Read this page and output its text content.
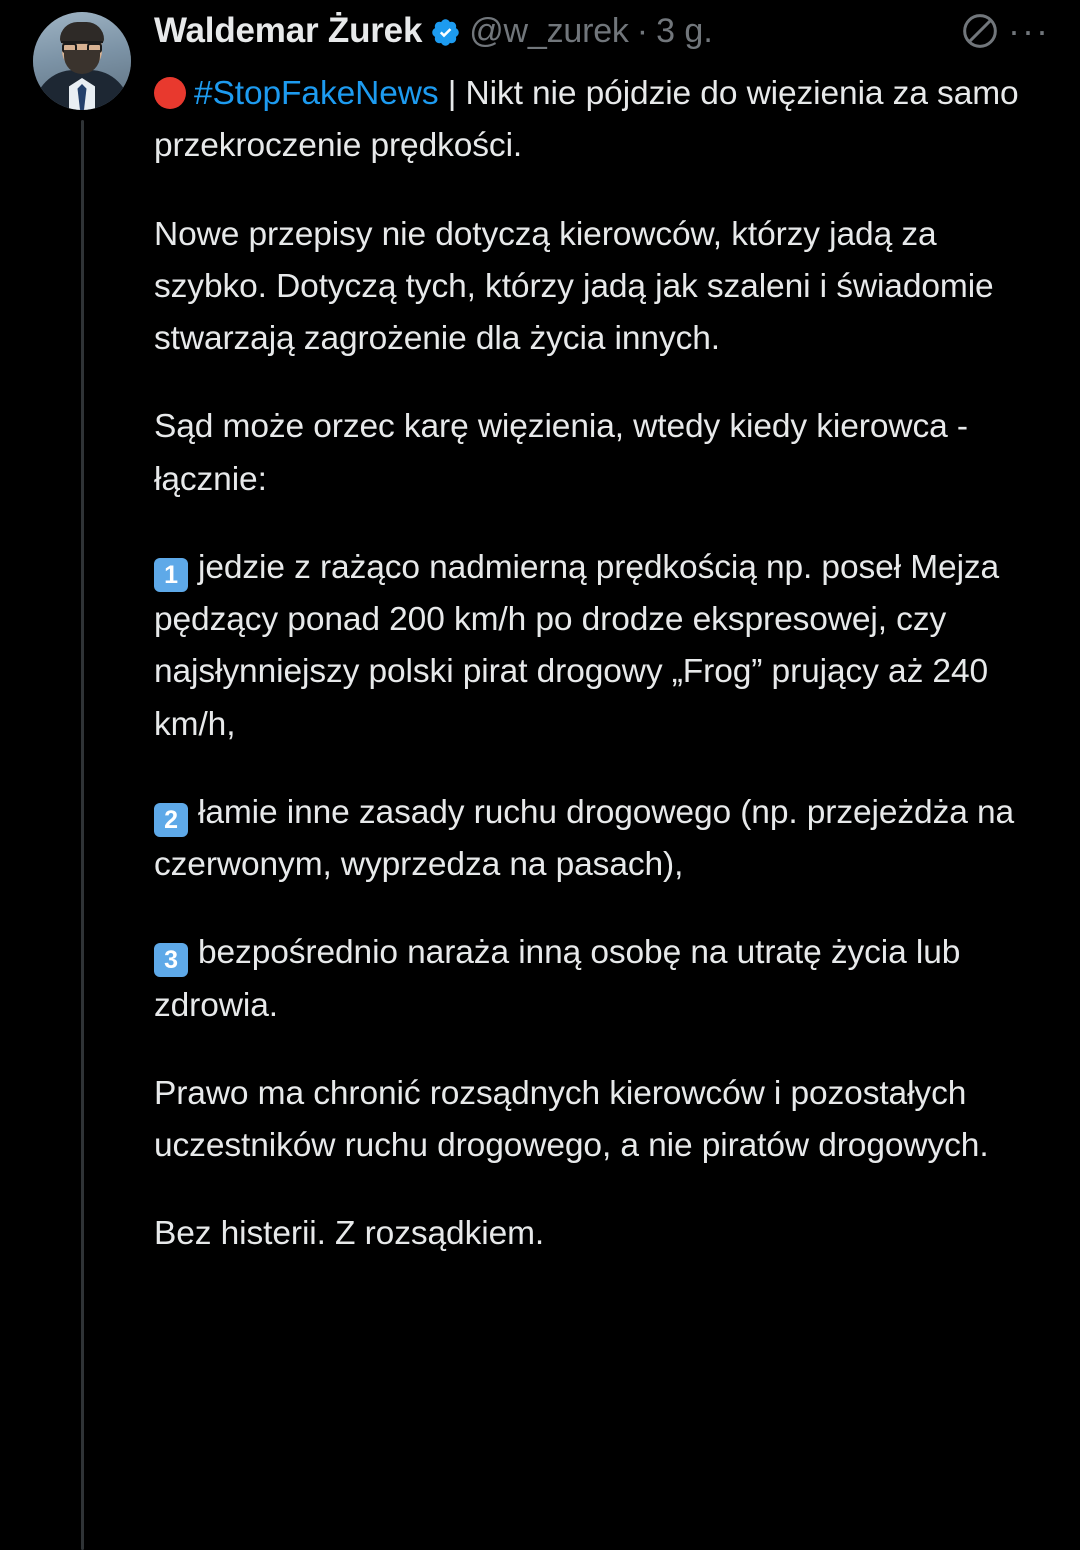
Waldemar Żurek @w_zurek · 3 g.	···

#StopFakeNews | Nikt nie pójdzie do więzienia za samo przekroczenie prędkości.

Nowe przepisy nie dotyczą kierowców, którzy jadą za szybko. Dotyczą tych, którzy jadą jak szaleni i świadomie stwarzają zagrożenie dla życia innych.

Sąd może orzec karę więzienia, wtedy kiedy kierowca - łącznie:

1 jedzie z rażąco nadmierną prędkością np. poseł Mejza pędzący ponad 200 km/h po drodze ekspresowej, czy najsłynniejszy polski pirat drogowy „Frog” prujący aż 240 km/h,

2 łamie inne zasady ruchu drogowego (np. przejeżdża na czerwonym, wyprzedza na pasach),

3 bezpośrednio naraża inną osobę na utratę życia lub zdrowia.

Prawo ma chronić rozsądnych kierowców i pozostałych uczestników ruchu drogowego, a nie piratów drogowych.

Bez histerii. Z rozsądkiem.
